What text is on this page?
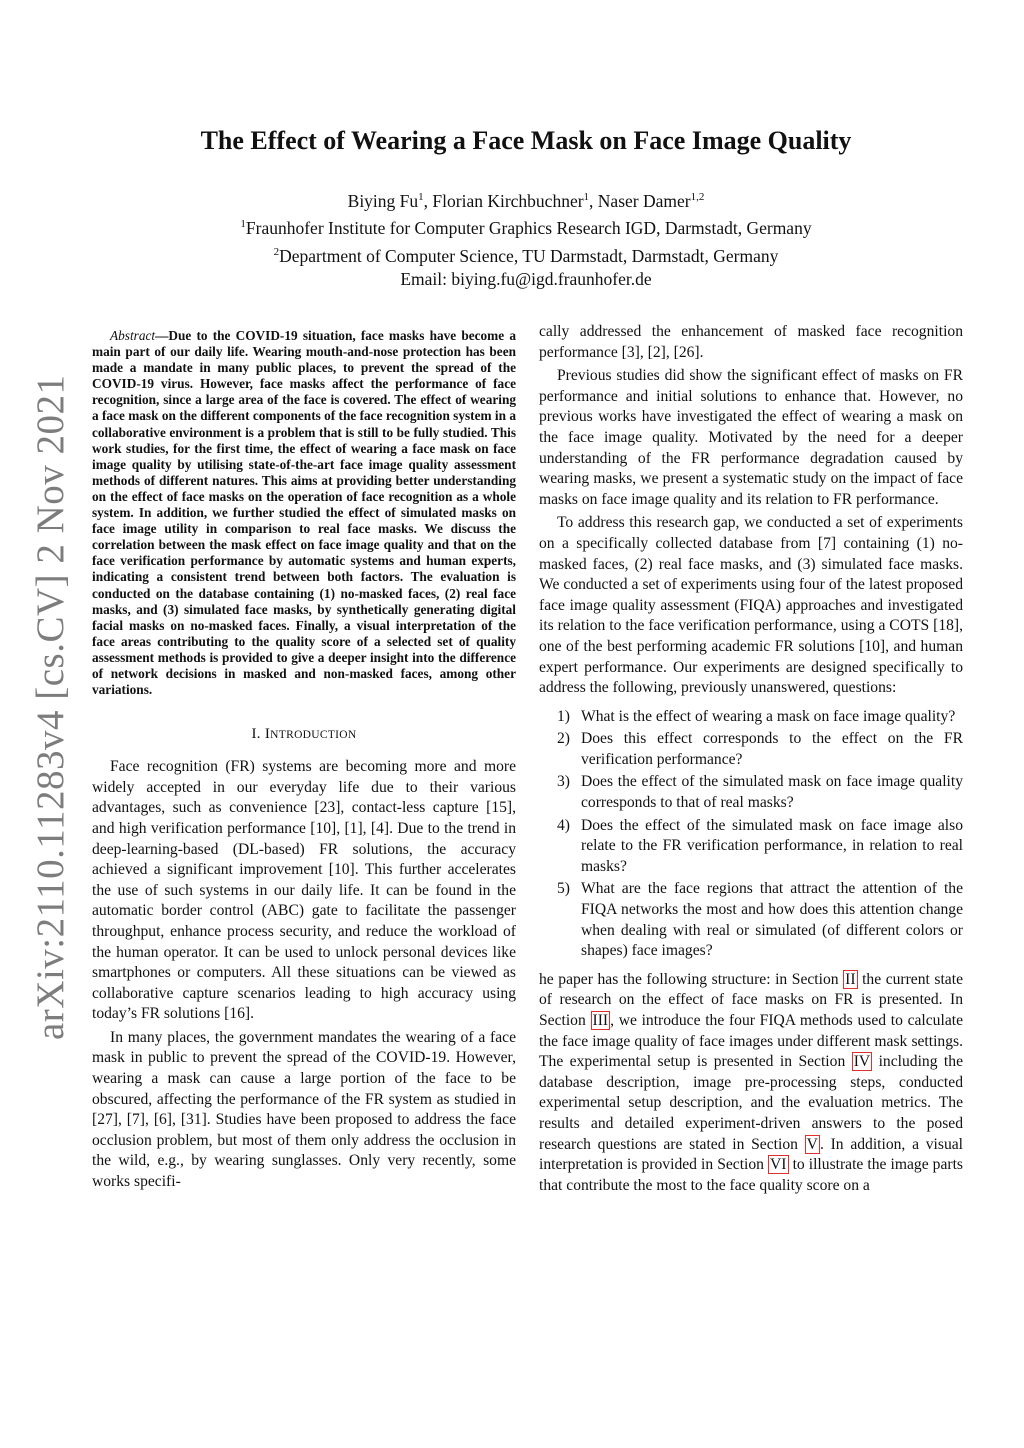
arXiv:2110.11283v4 [cs.CV] 2 Nov 2021
The Effect of Wearing a Face Mask on Face Image Quality
Biying Fu$^1$, Florian Kirchbuchner$^1$, Naser Damer$^{1,2}$
$^1$Fraunhofer Institute for Computer Graphics Research IGD, Darmstadt, Germany
$^2$Department of Computer Science, TU Darmstadt, Darmstadt, Germany
Email: biying.fu@igd.fraunhofer.de

Abstract—Due to the COVID-19 situation, face masks have become a main part of our daily life. Wearing mouth-and-nose protection has been made a mandate in many public places, to prevent the spread of the COVID-19 virus. However, face masks affect the performance of face recognition, since a large area of the face is covered. The effect of wearing a face mask on the different components of the face recognition system in a collaborative environment is a problem that is still to be fully studied. This work studies, for the first time, the effect of wearing a face mask on face image quality by utilising state-of-the-art face image quality assessment methods of different natures. This aims at providing better understanding on the effect of face masks on the operation of face recognition as a whole system. In addition, we further studied the effect of simulated masks on face image utility in comparison to real face masks. We discuss the correlation between the mask effect on face image quality and that on the face verification performance by automatic systems and human experts, indicating a consistent trend between both factors. The evaluation is conducted on the database containing (1) no-masked faces, (2) real face masks, and (3) simulated face masks, by synthetically generating digital facial masks on no-masked faces. Finally, a visual interpretation of the face areas contributing to the quality score of a selected set of quality assessment methods is provided to give a deeper insight into the difference of network decisions in masked and non-masked faces, among other variations.

I. INTRODUCTION

Face recognition (FR) systems are becoming more and more widely accepted in our everyday life due to their various advantages, such as convenience [23], contact-less capture [15], and high verification performance [10], [1], [4]. Due to the trend in deep-learning-based (DL-based) FR solutions, the accuracy achieved a significant improvement [10]. This further accelerates the use of such systems in our daily life. It can be found in the automatic border control (ABC) gate to facilitate the passenger throughput, enhance process security, and reduce the workload of the human operator. It can be used to unlock personal devices like smartphones or computers. All these situations can be viewed as collaborative capture scenarios leading to high accuracy using today’s FR solutions [16].

In many places, the government mandates the wearing of a face mask in public to prevent the spread of the COVID-19. However, wearing a mask can cause a large portion of the face to be obscured, affecting the performance of the FR system as studied in [27], [7], [6], [31]. Studies have been proposed to address the face occlusion problem, but most of them only address the occlusion in the wild, e.g., by wearing sunglasses. Only very recently, some works specifi-

cally addressed the enhancement of masked face recognition performance [3], [2], [26].

Previous studies did show the significant effect of masks on FR performance and initial solutions to enhance that. However, no previous works have investigated the effect of wearing a mask on the face image quality. Motivated by the need for a deeper understanding of the FR performance degradation caused by wearing masks, we present a systematic study on the impact of face masks on face image quality and its relation to FR performance.

To address this research gap, we conducted a set of experiments on a specifically collected database from [7] containing (1) no-masked faces, (2) real face masks, and (3) simulated face masks. We conducted a set of experiments using four of the latest proposed face image quality assessment (FIQA) approaches and investigated its relation to the face verification performance, using a COTS [18], one of the best performing academic FR solutions [10], and human expert performance. Our experiments are designed specifically to address the following, previously unanswered, questions:

1) What is the effect of wearing a mask on face image quality?
2) Does this effect corresponds to the effect on the FR verification performance?
3) Does the effect of the simulated mask on face image quality corresponds to that of real masks?
4) Does the effect of the simulated mask on face image also relate to the FR verification performance, in relation to real masks?
5) What are the face regions that attract the attention of the FIQA networks the most and how does this attention change when dealing with real or simulated (of different colors or shapes) face images?

he paper has the following structure: in Section II the current state of research on the effect of face masks on FR is presented. In Section III , we introduce the four FIQA methods used to calculate the face image quality of face images under different mask settings. The experimental setup is presented in Section IV including the database description, image pre-processing steps, conducted experimental setup description, and the evaluation metrics. The results and detailed experiment-driven answers to the posed research questions are stated in Section V . In addition, a visual interpretation is provided in Section VI to illustrate the image parts that contribute the most to the face quality score on a
